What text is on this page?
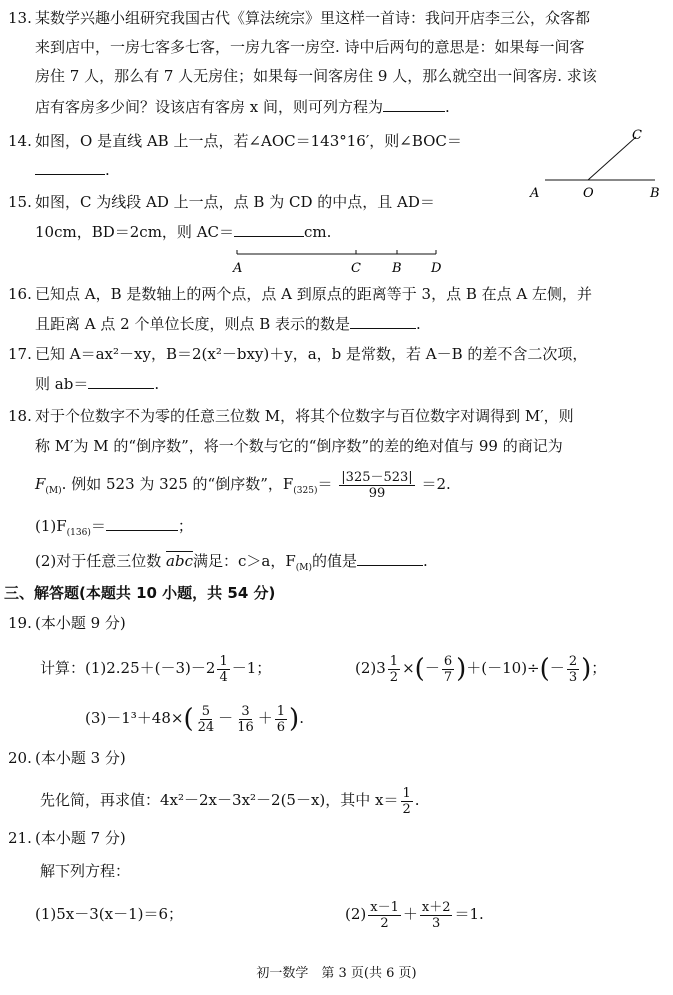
13. 某数学兴趣小组研究我国古代《算法统宗》里这样一首诗：我问开店李三公，众客都
来到店中，一房七客多七客，一房九客一房空. 诗中后两句的意思是：如果每一间客
房住 7 人，那么有 7 人无房住；如果每一间客房住 9 人，那么就空出一间客房. 求该
店有客房多少间？设该店有客房 x 间，则可列方程为	.
14. 如图，O 是直线 AB 上一点，若∠AOC＝143°16′，则∠BOC＝
.
A	O	B
C
15. 如图，C 为线段 AD 上一点，点 B 为 CD 的中点，且 AD＝
10cm，BD＝2cm，则 AC＝	cm.
A	C B D
16. 已知点 A，B 是数轴上的两个点，点 A 到原点的距离等于 3，点 B 在点 A 左侧，并
且距离 A 点 2 个单位长度，则点 B 表示的数是	.
17. 已知 A＝ax²－xy，B＝2(x²－bxy)＋y，a，b 是常数，若 A－B 的差不含二次项，
则 ab＝	.
18. 对于个位数字不为零的任意三位数 M，将其个位数字与百位数字对调得到 M′，则
称 M′为 M 的“倒序数”，将一个数与它的“倒序数”的差的绝对值与 99 的商记为
$F_{(M)}$. 例如 523 为 325 的“倒序数”，$F_{(325)}= \frac{|325-523|}{99} =2$.
$(1)F_{(136)}=$	；
(2)对于任意三位数 $\overline{abc}$满足：c＞a，$F_{(M)}$的值是	.
三、解答题(本题共 10 小题，共 54 分)
19. (本小题 9 分)
计算：$(1)2.25+(-3)-2 \frac{1}{4} -1$；	$(2)3 \frac{1}{2}$ ×(－ $\frac{6}{7} )+(-10)\div(- \frac{2}{3}$ )；
$(3)-1^3+48\times( \frac{5}{24} - \frac{3}{16} + \frac{1}{6}$ ).
20. (本小题 3 分)
先化简，再求值：4x²－2x－3x²－2(5－x)，其中 $x= \frac{1}{2}$ .
21. (本小题 7 分)
解下列方程：
(1)5x－3(x－1)＝6；	$(2) \frac{x-1}{2} + \frac{x+2}{3} =1$.
初一数学　第 3 页(共 6 页)
